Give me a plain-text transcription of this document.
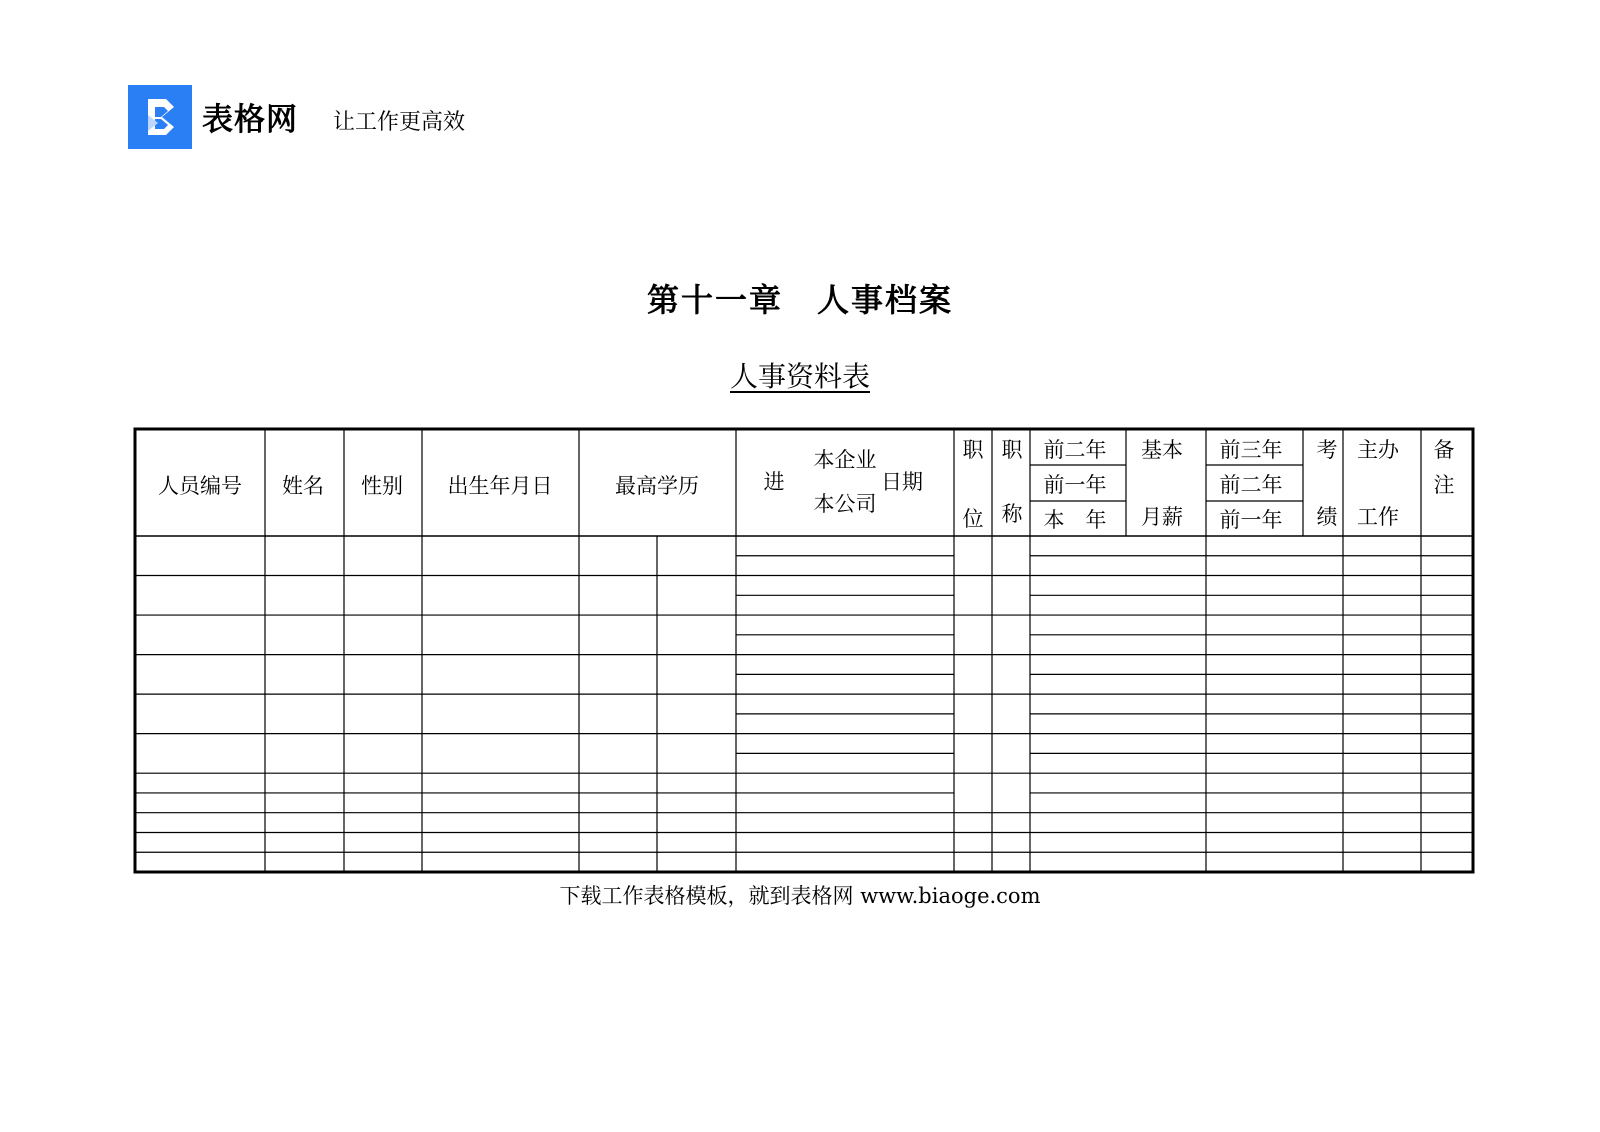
表格网 让工作更高效
第十一章　人事档案
人事资料表
人员编号 姓名 性别 出生年月日	最高学历	进
本企业
本公司
日期
职
位
职
称
前二年
前一年
本　年
基本
月薪
前三年
前二年
前一年
考
绩
主办
工作
备
注
下载工作表格模板，就到表格网 www.biaoge.com
